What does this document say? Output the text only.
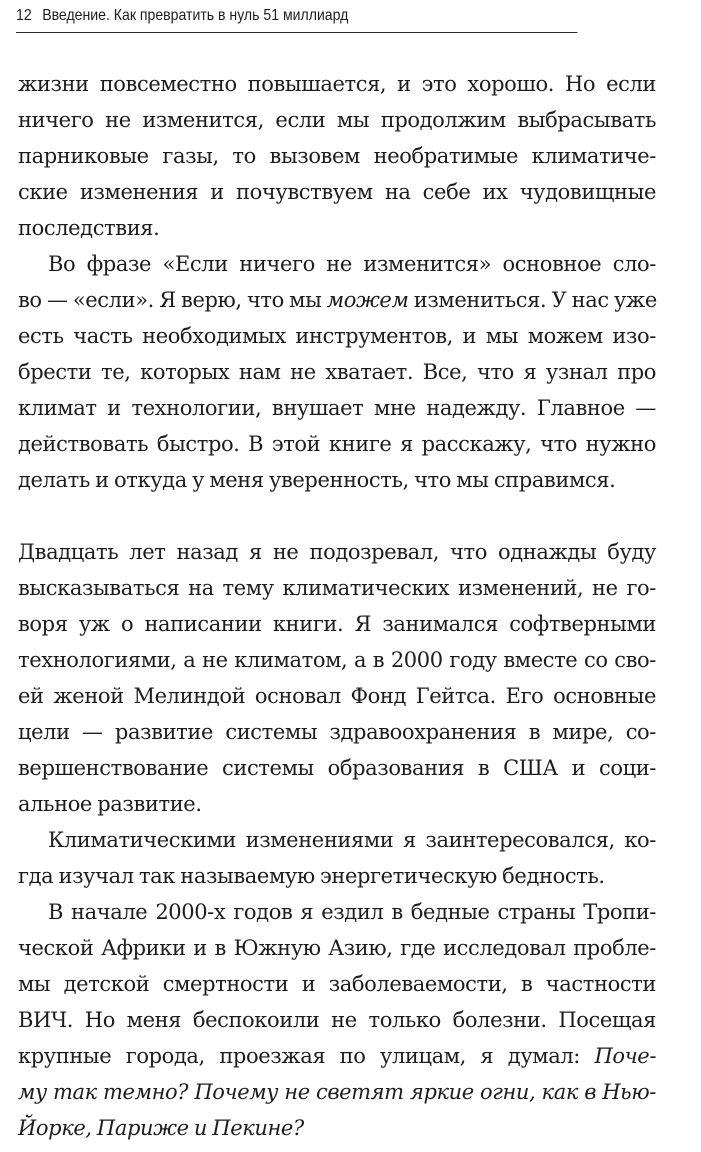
12 Введение. Как превратить в нуль 51 миллиард
жизни повсеместно повышается, и это хорошо. Но если
ничего не изменится, если мы продолжим выбрасывать
парниковые газы, то вызовем необратимые климатиче-
ские изменения и почувствуем на себе их чудовищные
последствия.
Во фразе «Если ничего не изменится» основное сло-
во — «если». Я верю, что мы можем измениться. У нас уже
есть часть необходимых инструментов, и мы можем изо-
брести те, которых нам не хватает. Все, что я узнал про
климат и технологии, внушает мне надежду. Главное —
действовать быстро. В этой книге я расскажу, что нужно
делать и откуда у меня уверенность, что мы справимся.
Двадцать лет назад я не подозревал, что однажды буду
высказываться на тему климатических изменений, не го-
воря уж о написании книги. Я занимался софтверными
технологиями, а не климатом, а в 2000 году вместе со сво-
ей женой Мелиндой основал Фонд Гейтса. Его основные
цели — развитие системы здравоохранения в мире, со-
вершенствование системы образования в США и соци-
альное развитие.
Климатическими изменениями я заинтересовался, ко-
гда изучал так называемую энергетическую бедность.
В начале 2000-х годов я ездил в бедные страны Тропи-
ческой Африки и в Южную Азию, где исследовал пробле-
мы детской смертности и заболеваемости, в частности
ВИЧ. Но меня беспокоили не только болезни. Посещая
крупные города, проезжая по улицам, я думал: Поче-
му так темно? Почему не светят яркие огни, как в Нью-
Йорке, Париже и Пекине?
